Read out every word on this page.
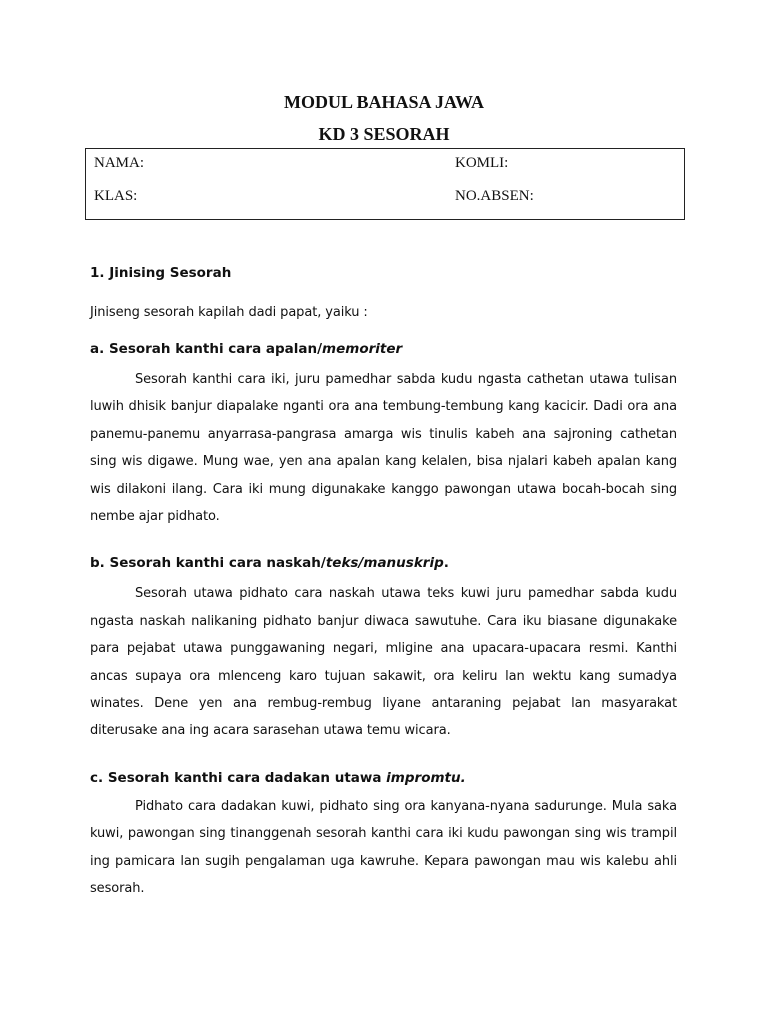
MODUL BAHASA JAWA
KD 3 SESORAH
NAMA:	KOMLI:
KLAS:	NO.ABSEN:

1. Jinising Sesorah

Jiniseng sesorah kapilah dadi papat, yaiku :

a. Sesorah kanthi cara apalan/memoriter

Sesorah kanthi cara iki, juru pamedhar sabda kudu ngasta cathetan utawa tulisan luwih dhisik banjur diapalake nganti ora ana tembung-tembung kang kacicir. Dadi ora ana panemu-panemu anyarrasa-pangrasa amarga wis tinulis kabeh ana sajroning cathetan sing wis digawe. Mung wae, yen ana apalan kang kelalen, bisa njalari kabeh apalan kang wis dilakoni ilang. Cara iki mung digunakake kanggo pawongan utawa bocah-bocah sing nembe ajar pidhato.

b. Sesorah kanthi cara naskah/teks/manuskrip.

Sesorah utawa pidhato cara naskah utawa teks kuwi juru pamedhar sabda kudu ngasta naskah nalikaning pidhato banjur diwaca sawutuhe. Cara iku biasane digunakake para pejabat utawa punggawaning negari, mligine ana upacara-upacara resmi. Kanthi ancas supaya ora mlenceng karo tujuan sakawit, ora keliru lan wektu kang sumadya winates. Dene yen ana rembug-rembug liyane antaraning pejabat lan masyarakat diterusake ana ing acara sarasehan utawa temu wicara.

c. Sesorah kanthi cara dadakan utawa impromtu.

Pidhato cara dadakan kuwi, pidhato sing ora kanyana-nyana sadurunge. Mula saka kuwi, pawongan sing tinanggenah sesorah kanthi cara iki kudu pawongan sing wis trampil ing pamicara lan sugih pengalaman uga kawruhe. Kepara pawongan mau wis kalebu ahli sesorah.
